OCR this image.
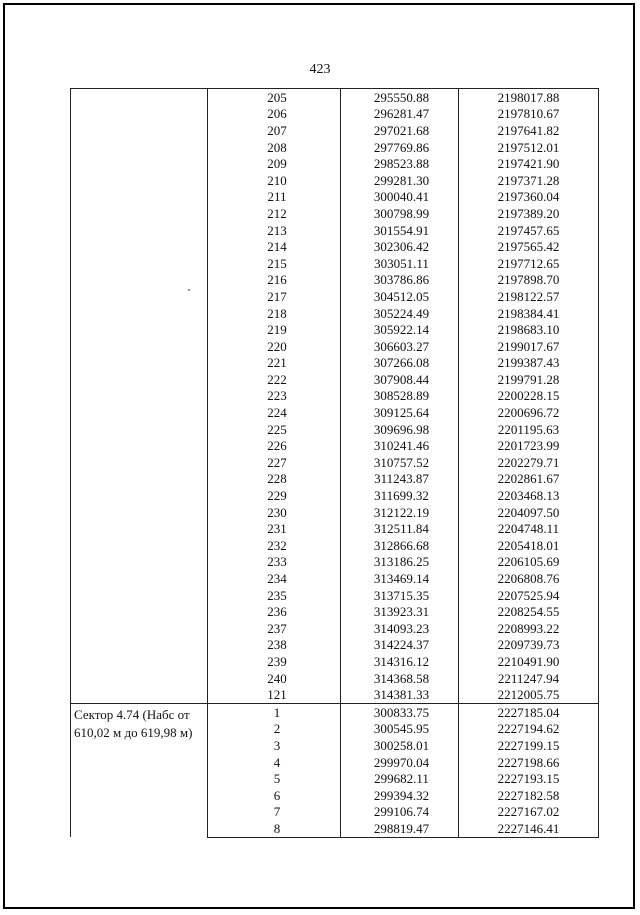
423
	205	295550.88	2198017.88
	206	296281.47	2197810.67
	207	297021.68	2197641.82
	208	297769.86	2197512.01
	209	298523.88	2197421.90
	210	299281.30	2197371.28
	211	300040.41	2197360.04
	212	300798.99	2197389.20
	213	301554.91	2197457.65
	214	302306.42	2197565.42
	215	303051.11	2197712.65
	216	303786.86	2197898.70
	217	304512.05	2198122.57
	218	305224.49	2198384.41
	219	305922.14	2198683.10
	220	306603.27	2199017.67
	221	307266.08	2199387.43
	222	307908.44	2199791.28
	223	308528.89	2200228.15
	224	309125.64	2200696.72
	225	309696.98	2201195.63
	226	310241.46	2201723.99
	227	310757.52	2202279.71
	228	311243.87	2202861.67
	229	311699.32	2203468.13
	230	312122.19	2204097.50
	231	312511.84	2204748.11
	232	312866.68	2205418.01
	233	313186.25	2206105.69
	234	313469.14	2206808.76
	235	313715.35	2207525.94
	236	313923.31	2208254.55
	237	314093.23	2208993.22
	238	314224.37	2209739.73
	239	314316.12	2210491.90
	240	314368.58	2211247.94
	121	314381.33	2212005.75
Сектор 4.74 (Набс от 610,02 м до 619,98 м)	1	300833.75	2227185.04
	2	300545.95	2227194.62
	3	300258.01	2227199.15
	4	299970.04	2227198.66
	5	299682.11	2227193.15
	6	299394.32	2227182.58
	7	299106.74	2227167.02
	8	298819.47	2227146.41
